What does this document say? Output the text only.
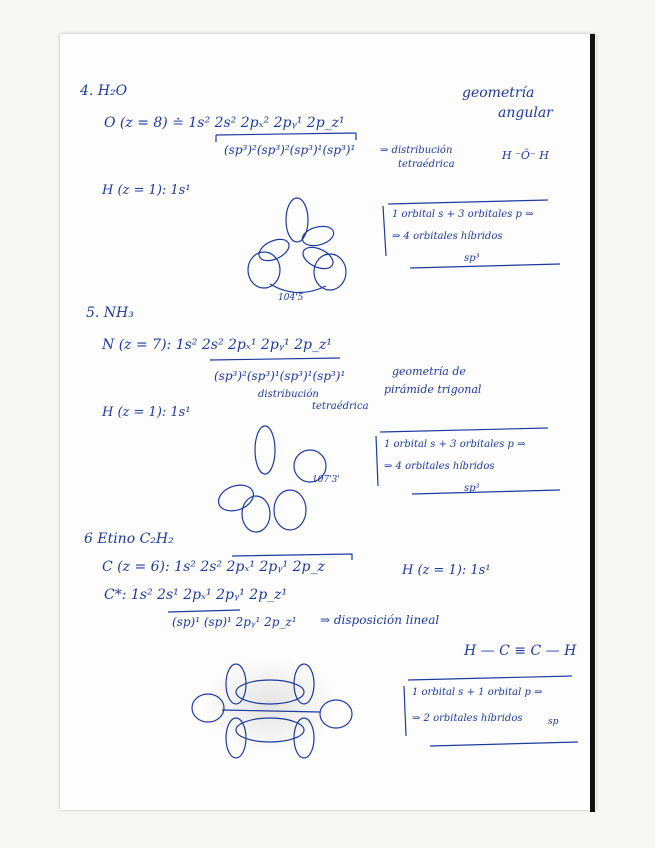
4. H₂O	geometría
angular
O (z = 8) ≐ 1s² 2s² 2pₓ² 2pᵧ¹ 2p_z¹
(sp³)²(sp³)²(sp³)¹(sp³)¹ ⇒ distribución
tetraédrica
H ⁻Ō⁻ H
H (z = 1): 1s¹
1 orbital s + 3 orbitales p ⇒
⇒ 4 orbitales híbridos
sp³
104'5
5. NH₃
N (z = 7): 1s² 2s² 2pₓ¹ 2pᵧ¹ 2p_z¹
(sp³)²(sp³)¹(sp³)¹(sp³)¹
distribución
tetraédrica
geometría de
pirámide trigonal
H (z = 1): 1s¹
1 orbital s + 3 orbitales p ⇒
⇒ 4 orbitales híbridos
sp³
107'3'
6 Etino C₂H₂
C (z = 6): 1s² 2s² 2pₓ¹ 2pᵧ¹ 2p_z	H (z = 1): 1s¹
C*: 1s² 2s¹ 2pₓ¹ 2pᵧ¹ 2p_z¹
(sp)¹ (sp)¹ 2pᵧ¹ 2p_z¹ ⇒ disposición lineal
H — C ≡ C — H
1 orbital s + 1 orbital p ⇒
⇒ 2 orbitales híbridos	sp
